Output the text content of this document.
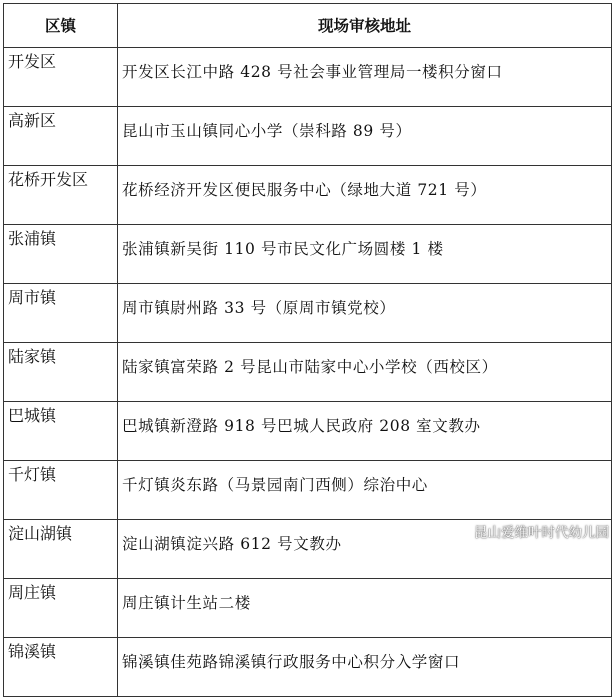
区镇	现场审核地址
开发区	开发区长江中路 428 号社会事业管理局一楼积分窗口
高新区	昆山市玉山镇同心小学（崇科路 89 号）
花桥开发区	花桥经济开发区便民服务中心（绿地大道 721 号）
张浦镇	张浦镇新吴街 110 号市民文化广场圆楼 1 楼
周市镇	周市镇尉州路 33 号（原周市镇党校）
陆家镇	陆家镇富荣路 2 号昆山市陆家中心小学校（西校区）
巴城镇	巴城镇新澄路 918 号巴城人民政府 208 室文教办
千灯镇	千灯镇炎东路（马景园南门西侧）综治中心
淀山湖镇	淀山湖镇淀兴路 612 号文教办
周庄镇	周庄镇计生站二楼
锦溪镇	锦溪镇佳苑路锦溪镇行政服务中心积分入学窗口
昆山爱维叶时代幼儿园
